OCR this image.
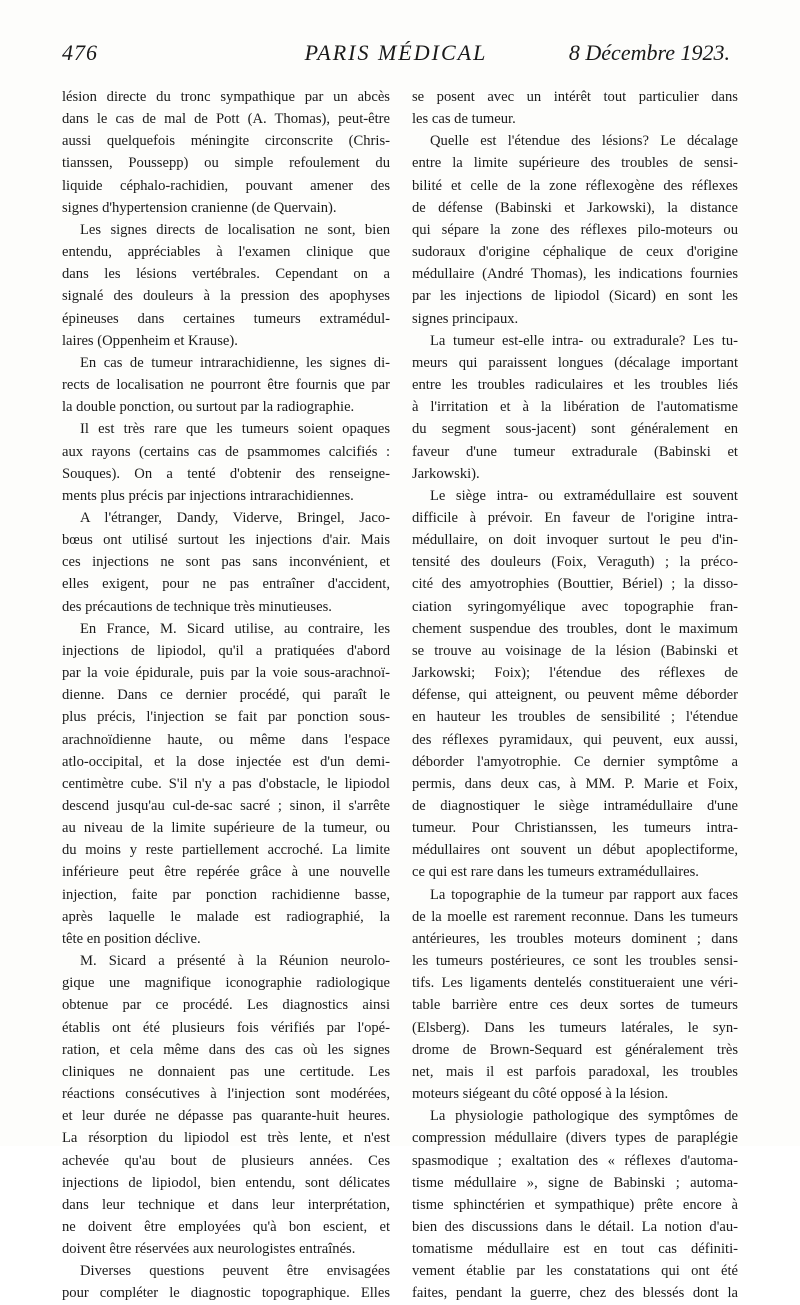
476	PARIS MÉDICAL	8 Décembre 1923.
lésion directe du tronc sympathique par un abcès
dans le cas de mal de Pott (A. Thomas), peut-être
aussi quelquefois méningite circonscrite (Chris-
tianssen, Poussepp) ou simple refoulement du
liquide céphalo-rachidien, pouvant amener des
signes d'hypertension cranienne (de Quervain).
Les signes directs de localisation ne sont, bien
entendu, appréciables à l'examen clinique que
dans les lésions vertébrales. Cependant on a
signalé des douleurs à la pression des apophyses
épineuses dans certaines tumeurs extramédul-
laires (Oppenheim et Krause).
En cas de tumeur intrarachidienne, les signes di-
rects de localisation ne pourront être fournis que par
la double ponction, ou surtout par la radiographie.
Il est très rare que les tumeurs soient opaques
aux rayons (certains cas de psammomes calcifiés :
Souques). On a tenté d'obtenir des renseigne-
ments plus précis par injections intrarachidiennes.
A l'étranger, Dandy, Viderve, Bringel, Jaco-
bœus ont utilisé surtout les injections d'air. Mais
ces injections ne sont pas sans inconvénient, et
elles exigent, pour ne pas entraîner d'accident,
des précautions de technique très minutieuses.
En France, M. Sicard utilise, au contraire, les
injections de lipiodol, qu'il a pratiquées d'abord
par la voie épidurale, puis par la voie sous-arachnoï-
dienne. Dans ce dernier procédé, qui paraît le
plus précis, l'injection se fait par ponction sous-
arachnoïdienne haute, ou même dans l'espace
atlo-occipital, et la dose injectée est d'un demi-
centimètre cube. S'il n'y a pas d'obstacle, le lipiodol
descend jusqu'au cul-de-sac sacré ; sinon, il s'arrête
au niveau de la limite supérieure de la tumeur, ou
du moins y reste partiellement accroché. La limite
inférieure peut être repérée grâce à une nouvelle
injection, faite par ponction rachidienne basse,
après laquelle le malade est radiographié, la
tête en position déclive.
M. Sicard a présenté à la Réunion neurolo-
gique une magnifique iconographie radiologique
obtenue par ce procédé. Les diagnostics ainsi
établis ont été plusieurs fois vérifiés par l'opé-
ration, et cela même dans des cas où les signes
cliniques ne donnaient pas une certitude. Les
réactions consécutives à l'injection sont modérées,
et leur durée ne dépasse pas quarante-huit heures.
La résorption du lipiodol est très lente, et n'est
achevée qu'au bout de plusieurs années. Ces
injections de lipiodol, bien entendu, sont délicates
dans leur technique et dans leur interprétation,
ne doivent être employées qu'à bon escient, et
doivent être réservées aux neurologistes entraînés.
Diverses questions peuvent être envisagées
pour compléter le diagnostic topographique. Elles
se posent avec un intérêt tout particulier dans
les cas de tumeur.
Quelle est l'étendue des lésions? Le décalage
entre la limite supérieure des troubles de sensi-
bilité et celle de la zone réflexogène des réflexes
de défense (Babinski et Jarkowski), la distance
qui sépare la zone des réflexes pilo-moteurs ou
sudoraux d'origine céphalique de ceux d'origine
médullaire (André Thomas), les indications fournies
par les injections de lipiodol (Sicard) en sont les
signes principaux.
La tumeur est-elle intra- ou extradurale? Les tu-
meurs qui paraissent longues (décalage important
entre les troubles radiculaires et les troubles liés
à l'irritation et à la libération de l'automatisme
du segment sous-jacent) sont généralement en
faveur d'une tumeur extradurale (Babinski et
Jarkowski).
Le siège intra- ou extramédullaire est souvent
difficile à prévoir. En faveur de l'origine intra-
médullaire, on doit invoquer surtout le peu d'in-
tensité des douleurs (Foix, Veraguth) ; la préco-
cité des amyotrophies (Bouttier, Bériel) ; la disso-
ciation syringomyélique avec topographie fran-
chement suspendue des troubles, dont le maximum
se trouve au voisinage de la lésion (Babinski et
Jarkowski; Foix); l'étendue des réflexes de
défense, qui atteignent, ou peuvent même déborder
en hauteur les troubles de sensibilité ; l'étendue
des réflexes pyramidaux, qui peuvent, eux aussi,
déborder l'amyotrophie. Ce dernier symptôme a
permis, dans deux cas, à MM. P. Marie et Foix,
de diagnostiquer le siège intramédullaire d'une
tumeur. Pour Christianssen, les tumeurs intra-
médullaires ont souvent un début apoplectiforme,
ce qui est rare dans les tumeurs extramédullaires.
La topographie de la tumeur par rapport aux faces
de la moelle est rarement reconnue. Dans les tumeurs
antérieures, les troubles moteurs dominent ; dans
les tumeurs postérieures, ce sont les troubles sensi-
tifs. Les ligaments dentelés constitueraient une véri-
table barrière entre ces deux sortes de tumeurs
(Elsberg). Dans les tumeurs latérales, le syn-
drome de Brown-Sequard est généralement très
net, mais il est parfois paradoxal, les troubles
moteurs siégeant du côté opposé à la lésion.
La physiologie pathologique des symptômes de
compression médullaire (divers types de paraplégie
spasmodique ; exaltation des « réflexes d'automa-
tisme médullaire », signe de Babinski ; automa-
tisme sphinctérien et sympathique) prête encore à
bien des discussions dans le détail. La notion d'au-
tomatisme médullaire est en tout cas définiti-
vement établie par les constatations qui ont été
faites, pendant la guerre, chez des blessés dont la
